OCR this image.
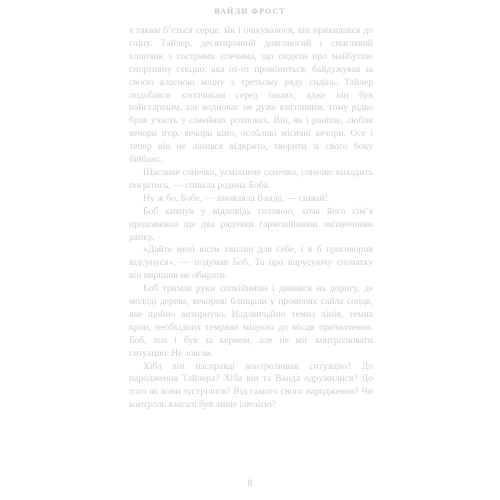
ВАЙЛИ ФРОСТ

з таким б’ється серце. Як і очікувалося, він прикидався до сліпу. Тайлер, десятирічний довгоногий і смаглявий хлопчик з гострими плечима, що сидячи про майбутню спортивну секцію, яка от-от проміниться, байдужував за своєю власною міцну з третьому ряду сидінь. Тайлер подобався хлопчикам серед інших, адже він був найстаршим, але водночас не дуже кмітливим, тому рідко брав участь у сімейних розмовах. Він, як і раніше, любив вечори ігор, вечори кіно, особливі місячні вечори. Осе і тепер він не лінився відкрито, творити зі свого боку бійбанс.

Щасливе сонечко, усміхнене сонечко, сонечко виходить погрітись, — співала родина Боба.

Ну ж бо, Бобе, — вмовляла Ванда, — співай!

Боб кивнув у відповідь головою, хоча його сім’я продовжила ще два рядочки гармонійними зміщеннями ранку.

«Дайте мені вісім хвилин для себе, і я б проговорив відсунуся», — подумав Боб. Та про вирусуючу спочатку він вирішив не обирати.

Боб тримав руки спокійними і дивився на дорогу, де молоді дерева, вечорові блищали у променях сайла сонця, яке щойно визирнуло. Надзвичайно темна лінія, темна крон, необхідних темряви міцною до місця призначення. Боб, хоч і був за кермом, але не міг контролювати ситуацію. Не зовсім.

Хіба він насправді контролював ситуацію? До народження Тайлера? Хіба він та Ванда одружилися? До того як вони зустрілися? Від самого свого народження? Чи контроль взагалі був лише ілюзією?

8
